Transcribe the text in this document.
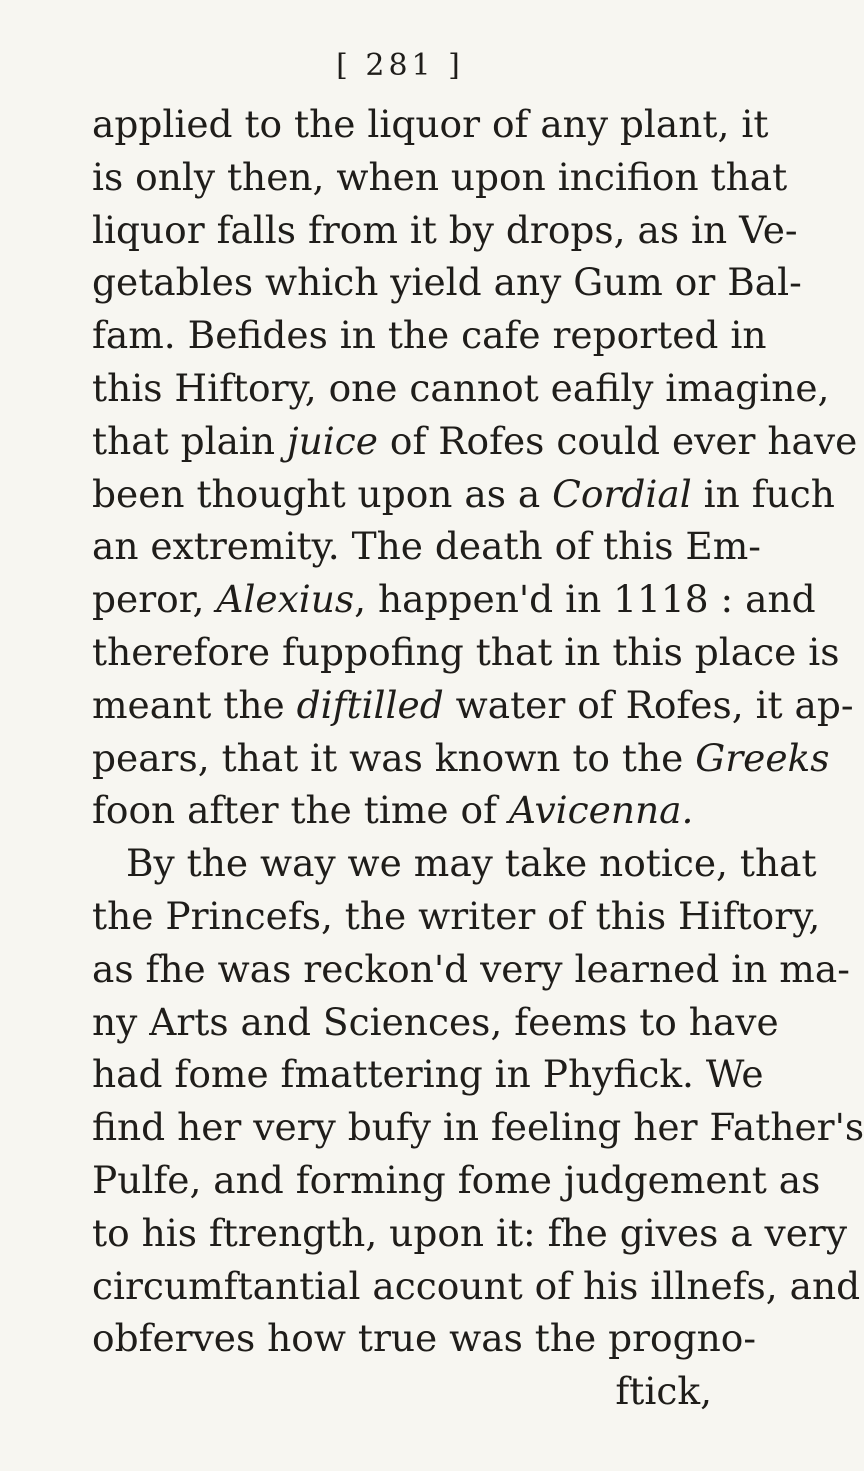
[ 281 ]
applied to the liquor of any plant, it
is only then, when upon incifion that
liquor falls from it by drops, as in Ve-
getables which yield any Gum or Bal-
fam. Befides in the cafe reported in
this Hiftory, one cannot eafily imagine,
that plain juice of Rofes could ever have
been thought upon as a Cordial in fuch
an extremity. The death of this Em-
peror, Alexius, happen'd in 1118 : and
therefore fuppofing that in this place is
meant the diftilled water of Rofes, it ap-
pears, that it was known to the Greeks
foon after the time of Avicenna.
By the way we may take notice, that
the Princefs, the writer of this Hiftory,
as fhe was reckon'd very learned in ma-
ny Arts and Sciences, feems to have
had fome fmattering in Phyfick. We
find her very bufy in feeling her Father's
Pulfe, and forming fome judgement as
to his ftrength, upon it: fhe gives a very
circumftantial account of his illnefs, and
obferves how true was the progno-
ftick,
